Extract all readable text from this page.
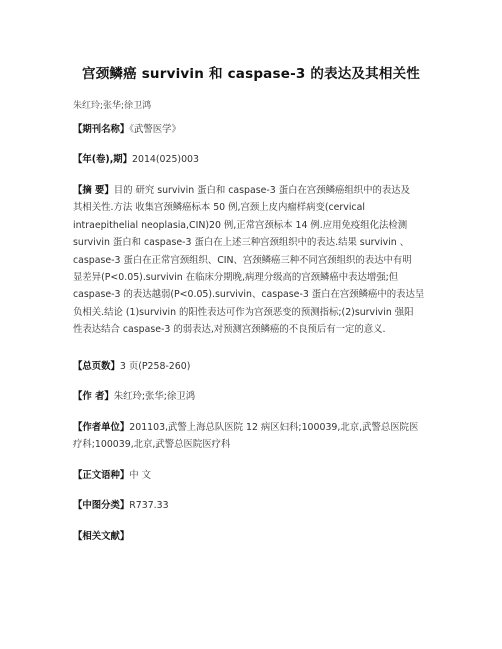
宫颈鳞癌 survivin 和 caspase-3 的表达及其相关性
朱红玲;张华;徐卫鸿
【期刊名称】《武警医学》
【年(卷),期】2014(025)003
【摘 要】目的 研究 survivin 蛋白和 caspase-3 蛋白在宫颈鳞癌组织中的表达及
其相关性.方法 收集宫颈鳞癌标本 50 例,宫颈上皮内瘤样病变(cervical
intraepithelial neoplasia,CIN)20 例,正常宫颈标本 14 例.应用免疫组化法检测
survivin 蛋白和 caspase-3 蛋白在上述三种宫颈组织中的表达.结果 survivin 、
caspase-3 蛋白在正常宫颈组织、CIN、宫颈鳞癌三种不同宫颈组织的表达中有明
显差异(P<0.05).survivin 在临床分期晚,病理分级高的宫颈鳞癌中表达增强;但
caspase-3 的表达越弱(P<0.05).survivin、caspase-3 蛋白在宫颈鳞癌中的表达呈
负相关.结论 (1)survivin 的阳性表达可作为宫颈恶变的预测指标;(2)survivin 强阳
性表达结合 caspase-3 的弱表达,对预测宫颈鳞癌的不良预后有一定的意义.
【总页数】3 页(P258-260)
【作 者】朱红玲;张华;徐卫鸿
【作者单位】201103,武警上海总队医院 12 病区妇科;100039,北京,武警总医院医
疗科;100039,北京,武警总医院医疗科
【正文语种】中 文
【中图分类】R737.33
【相关文献】
